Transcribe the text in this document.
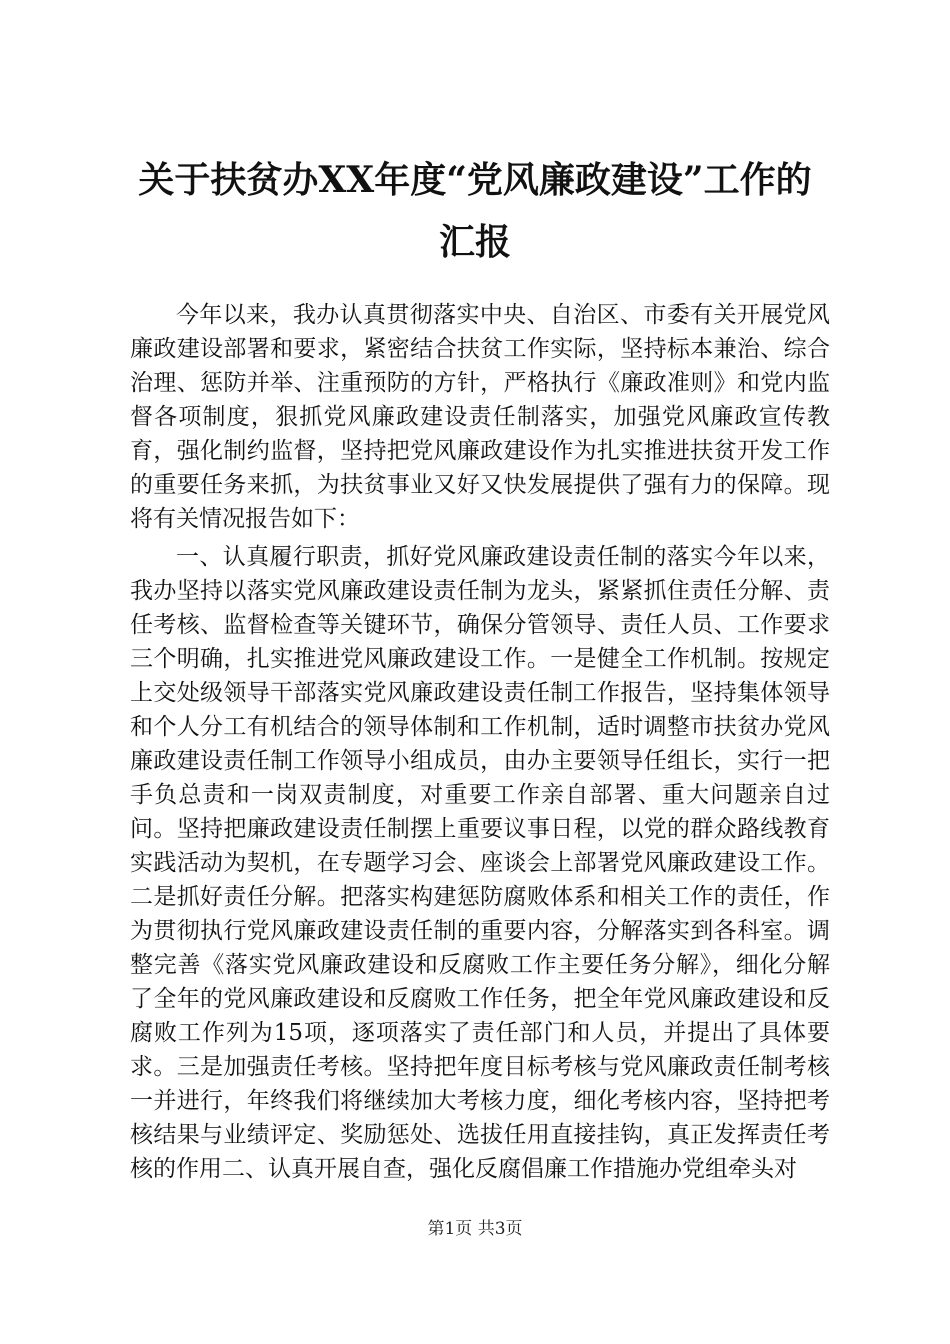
关于扶贫办XX年度“党风廉政建设”工作的
汇报

今年以来，我办认真贯彻落实中央、自治区、市委有关开展党风廉政建设部署和要求，紧密结合扶贫工作实际，坚持标本兼治、综合治理、惩防并举、注重预防的方针，严格执行《廉政准则》和党内监督各项制度，狠抓党风廉政建设责任制落实，加强党风廉政宣传教育，强化制约监督，坚持把党风廉政建设作为扎实推进扶贫开发工作的重要任务来抓，为扶贫事业又好又快发展提供了强有力的保障。现将有关情况报告如下：

一、认真履行职责，抓好党风廉政建设责任制的落实今年以来，我办坚持以落实党风廉政建设责任制为龙头，紧紧抓住责任分解、责任考核、监督检查等关键环节，确保分管领导、责任人员、工作要求三个明确，扎实推进党风廉政建设工作。一是健全工作机制。按规定上交处级领导干部落实党风廉政建设责任制工作报告，坚持集体领导和个人分工有机结合的领导体制和工作机制，适时调整市扶贫办党风廉政建设责任制工作领导小组成员，由办主要领导任组长，实行一把手负总责和一岗双责制度，对重要工作亲自部署、重大问题亲自过问。坚持把廉政建设责任制摆上重要议事日程，以党的群众路线教育实践活动为契机，在专题学习会、座谈会上部署党风廉政建设工作。二是抓好责任分解。把落实构建惩防腐败体系和相关工作的责任，作为贯彻执行党风廉政建设责任制的重要内容，分解落实到各科室。调整完善《落实党风廉政建设和反腐败工作主要任务分解》，细化分解了全年的党风廉政建设和反腐败工作任务，把全年党风廉政建设和反腐败工作列为15项，逐项落实了责任部门和人员，并提出了具体要求。三是加强责任考核。坚持把年度目标考核与党风廉政责任制考核一并进行，年终我们将继续加大考核力度，细化考核内容，坚持把考核结果与业绩评定、奖励惩处、选拔任用直接挂钩，真正发挥责任考核的作用二、认真开展自查，强化反腐倡廉工作措施办党组牵头对

第1页 共3页
